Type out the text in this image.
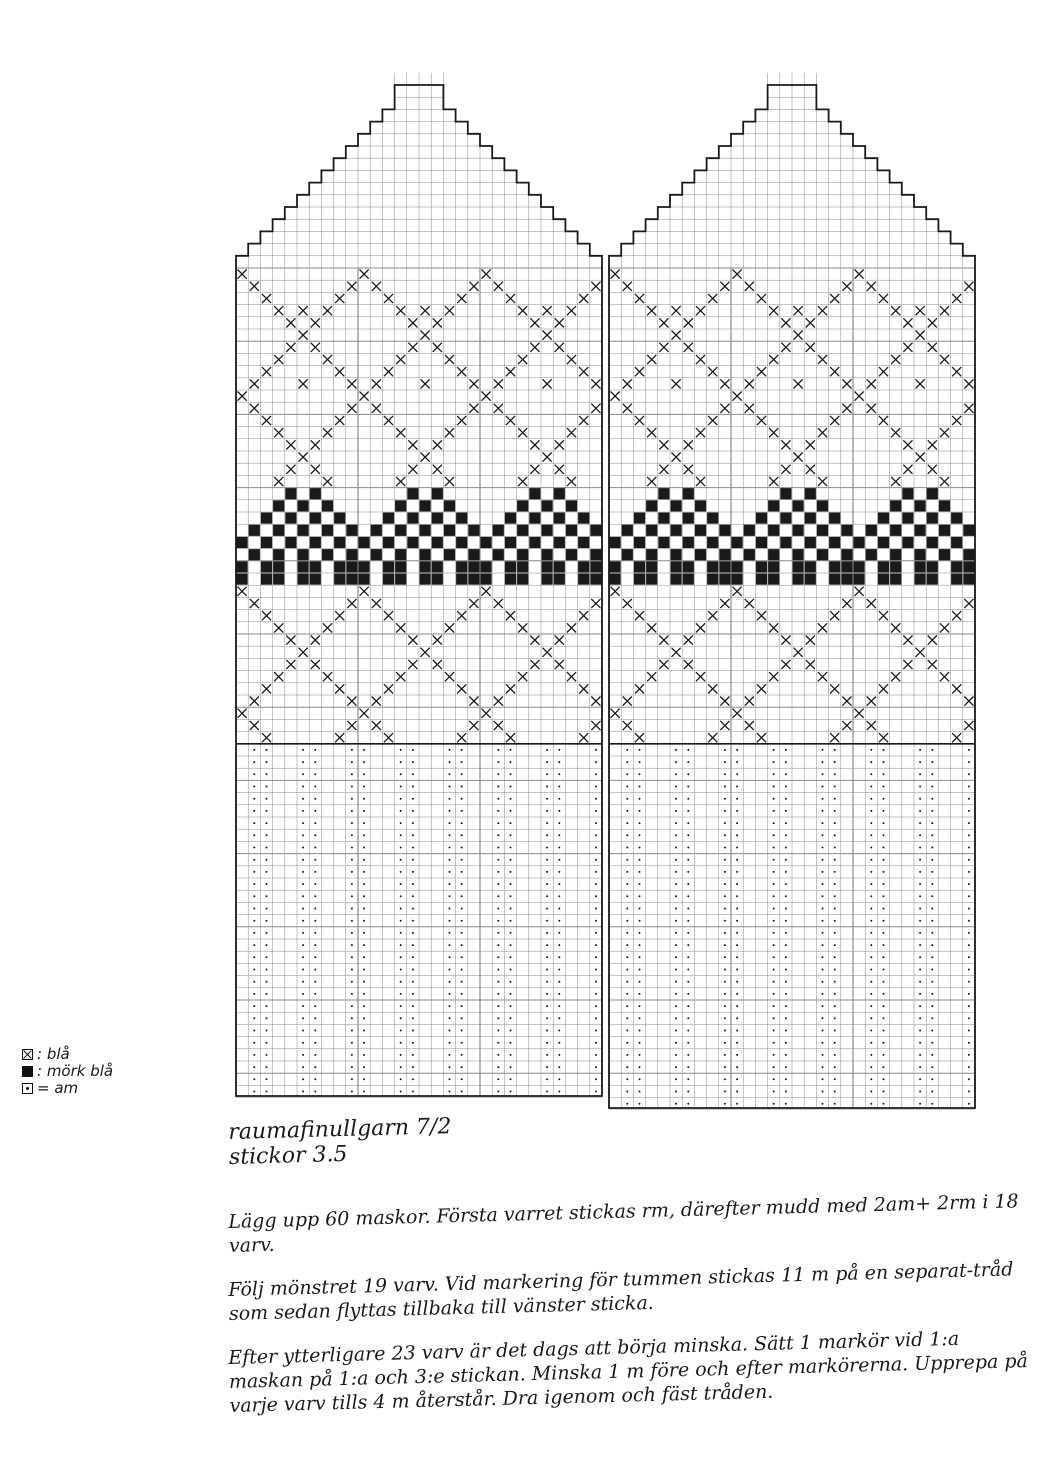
: blå
: mörk blå
= am
raumafinullgarn 7/2
stickor 3.5
Lägg upp 60 maskor. Första varret stickas rm, därefter mudd med 2am+ 2rm i 18 varv.
Följ mönstret 19 varv. Vid markering för tummen stickas 11 m på en separat-tråd som sedan flyttas tillbaka till vänster sticka.
Efter ytterligare 23 varv är det dags att börja minska. Sätt 1 markör vid 1:a maskan på 1:a och 3:e stickan. Minska 1 m före och efter markörerna. Upprepa på varje varv tills 4 m återstår. Dra igenom och fäst tråden.
